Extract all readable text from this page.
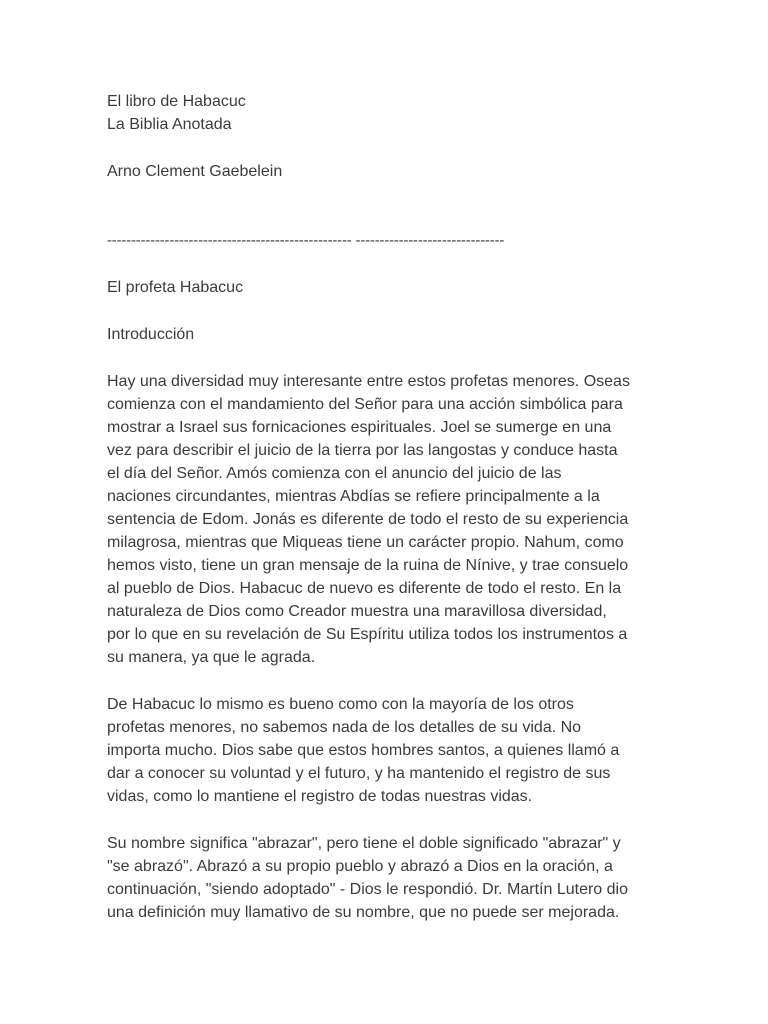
El libro de Habacuc
La Biblia Anotada
Arno Clement Gaebelein
--------------------------------------------------- -------------------------------
El profeta Habacuc
Introducción
Hay una diversidad muy interesante entre estos profetas menores. Oseas
comienza con el mandamiento del Señor para una acción simbólica para
mostrar a Israel sus fornicaciones espirituales. Joel se sumerge en una
vez para describir el juicio de la tierra por las langostas y conduce hasta
el día del Señor. Amós comienza con el anuncio del juicio de las
naciones circundantes, mientras Abdías se refiere principalmente a la
sentencia de Edom. Jonás es diferente de todo el resto de su experiencia
milagrosa, mientras que Miqueas tiene un carácter propio. Nahum, como
hemos visto, tiene un gran mensaje de la ruina de Nínive, y trae consuelo
al pueblo de Dios. Habacuc de nuevo es diferente de todo el resto. En la
naturaleza de Dios como Creador muestra una maravillosa diversidad,
por lo que en su revelación de Su Espíritu utiliza todos los instrumentos a
su manera, ya que le agrada.
De Habacuc lo mismo es bueno como con la mayoría de los otros
profetas menores, no sabemos nada de los detalles de su vida. No
importa mucho. Dios sabe que estos hombres santos, a quienes llamó a
dar a conocer su voluntad y el futuro, y ha mantenido el registro de sus
vidas, como lo mantiene el registro de todas nuestras vidas.
Su nombre significa "abrazar", pero tiene el doble significado "abrazar" y
"se abrazó". Abrazó a su propio pueblo y abrazó a Dios en la oración, a
continuación, "siendo adoptado" - Dios le respondió. Dr. Martín Lutero dio
una definición muy llamativo de su nombre, que no puede ser mejorada.
